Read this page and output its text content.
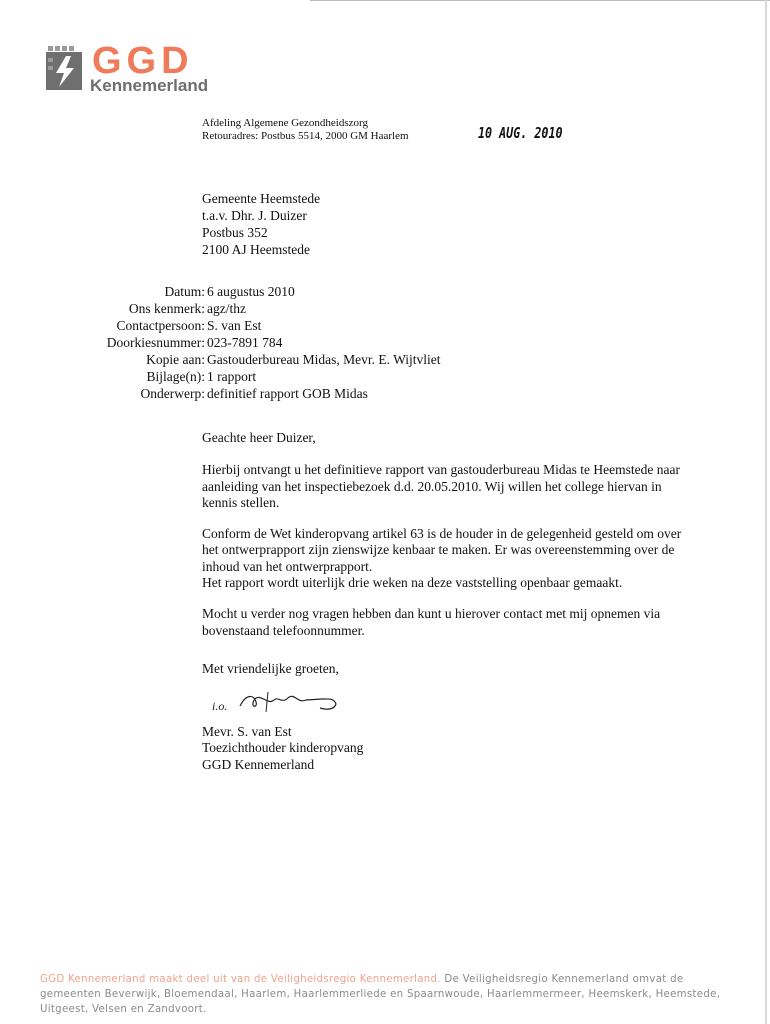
GGD
Kennemerland
Afdeling Algemene Gezondheidszorg
Retouradres: Postbus 5514, 2000 GM Haarlem	10 AUG. 2010
Gemeente Heemstede
t.a.v. Dhr. J. Duizer
Postbus 352
2100 AJ Heemstede
Datum: 6 augustus 2010
Ons kenmerk: agz/thz
Contactpersoon: S. van Est
Doorkiesnummer: 023-7891 784
Kopie aan: Gastouderbureau Midas, Mevr. E. Wijtvliet
Bijlage(n): 1 rapport
Onderwerp: definitief rapport GOB Midas

Geachte heer Duizer,

Hierbij ontvangt u het definitieve rapport van gastouderbureau Midas te Heemstede naar aanleiding van het inspectiebezoek d.d. 20.05.2010. Wij willen het college hiervan in kennis stellen.

Conform de Wet kinderopvang artikel 63 is de houder in de gelegenheid gesteld om over het ontwerprapport zijn zienswijze kenbaar te maken. Er was overeenstemming over de inhoud van het ontwerprapport.
Het rapport wordt uiterlijk drie weken na deze vaststelling openbaar gemaakt.

Mocht u verder nog vragen hebben dan kunt u hierover contact met mij opnemen via bovenstaand telefoonnummer.

Met vriendelijke groeten,

i.o.
Mevr. S. van Est
Toezichthouder kinderopvang
GGD Kennemerland
GGD Kennemerland maakt deel uit van de Veiligheidsregio Kennemerland. De Veiligheidsregio Kennemerland omvat de gemeenten Beverwijk, Bloemendaal, Haarlem, Haarlemmerliede en Spaarnwoude, Haarlemmermeer, Heemskerk, Heemstede, Uitgeest, Velsen en Zandvoort.
